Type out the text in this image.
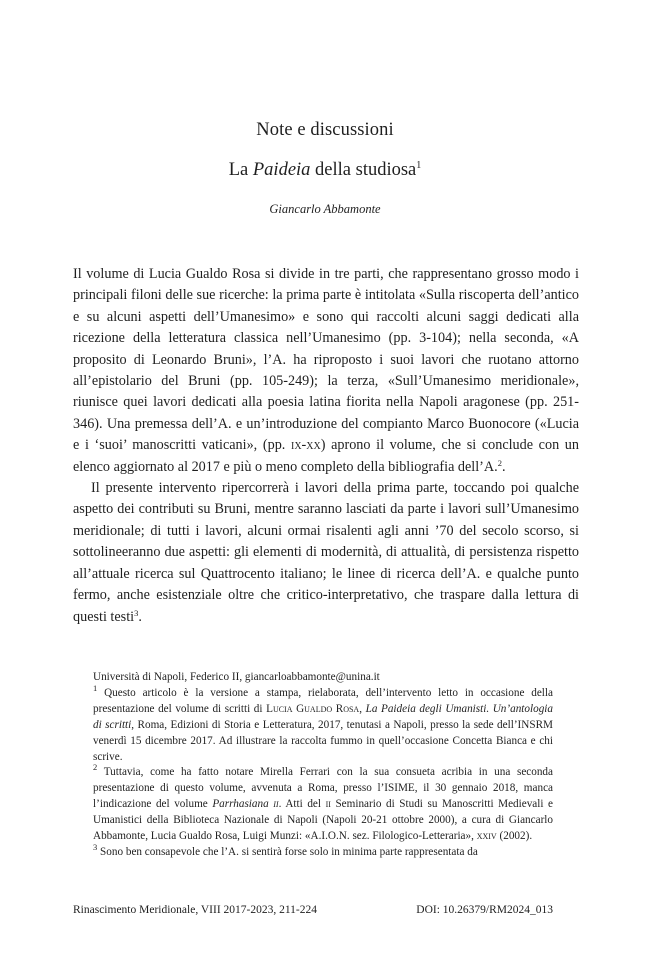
Note e discussioni
La Paideia della studiosa$^1$
Giancarlo Abbamonte

Il volume di Lucia Gualdo Rosa si divide in tre parti, che rappresentano grosso modo i principali filoni delle sue ricerche: la prima parte è intitolata «Sulla riscoperta dell’antico e su alcuni aspetti dell’Umanesimo» e sono qui raccolti alcuni saggi dedicati alla ricezione della letteratura classica nell’Umanesimo (pp. 3-104); nella seconda, «A proposito di Leonardo Bruni», l’A. ha riproposto i suoi lavori che ruotano attorno all’epistolario del Bruni (pp. 105-249); la terza, «Sull’Umanesimo meridionale», riunisce quei lavori dedicati alla poesia latina fiorita nella Napoli aragonese (pp. 251-346). Una premessa dell’A. e un’introduzione del compianto Marco Buonocore («Lucia e i ‘suoi’ manoscritti vaticani», (pp. ix-xx) aprono il volume, che si conclude con un elenco aggiornato al 2017 e più o meno completo della bibliografia dell’A.$^2$.

Il presente intervento ripercorrerà i lavori della prima parte, toccando poi qualche aspetto dei contributi su Bruni, mentre saranno lasciati da parte i lavori sull’Umanesimo meridionale; di tutti i lavori, alcuni ormai risalenti agli anni ’70 del secolo scorso, si sottolineeranno due aspetti: gli elementi di modernità, di attualità, di persistenza rispetto all’attuale ricerca sul Quattrocento italiano; le linee di ricerca dell’A. e qualche punto fermo, anche esistenziale oltre che critico-interpretativo, che traspare dalla lettura di questi testi$^3$.

Università di Napoli, Federico II, giancarloabbamonte@unina.it

$^1$ Questo articolo è la versione a stampa, rielaborata, dell’intervento letto in occasione della presentazione del volume di scritti di Lucia Gualdo Rosa, La Paideia degli Umanisti. Un’antologia di scritti, Roma, Edizioni di Storia e Letteratura, 2017, tenutasi a Napoli, presso la sede dell’INSRM venerdì 15 dicembre 2017. Ad illustrare la raccolta fummo in quell’occasione Concetta Bianca e chi scrive.

$^2$ Tuttavia, come ha fatto notare Mirella Ferrari con la sua consueta acribia in una seconda presentazione di questo volume, avvenuta a Roma, presso l’ISIME, il 30 gennaio 2018, manca l’indicazione del volume Parrhasiana ii. Atti del ii Seminario di Studi su Manoscritti Medievali e Umanistici della Biblioteca Nazionale di Napoli (Napoli 20-21 ottobre 2000), a cura di Giancarlo Abbamonte, Lucia Gualdo Rosa, Luigi Munzi: «A.I.O.N. sez. Filologico-Letteraria», xxiv (2002).

$^3$ Sono ben consapevole che l’A. si sentirà forse solo in minima parte rappresentata da

Rinascimento Meridionale, VIII 2017-2023, 211-224	DOI: 10.26379/RM2024_013
